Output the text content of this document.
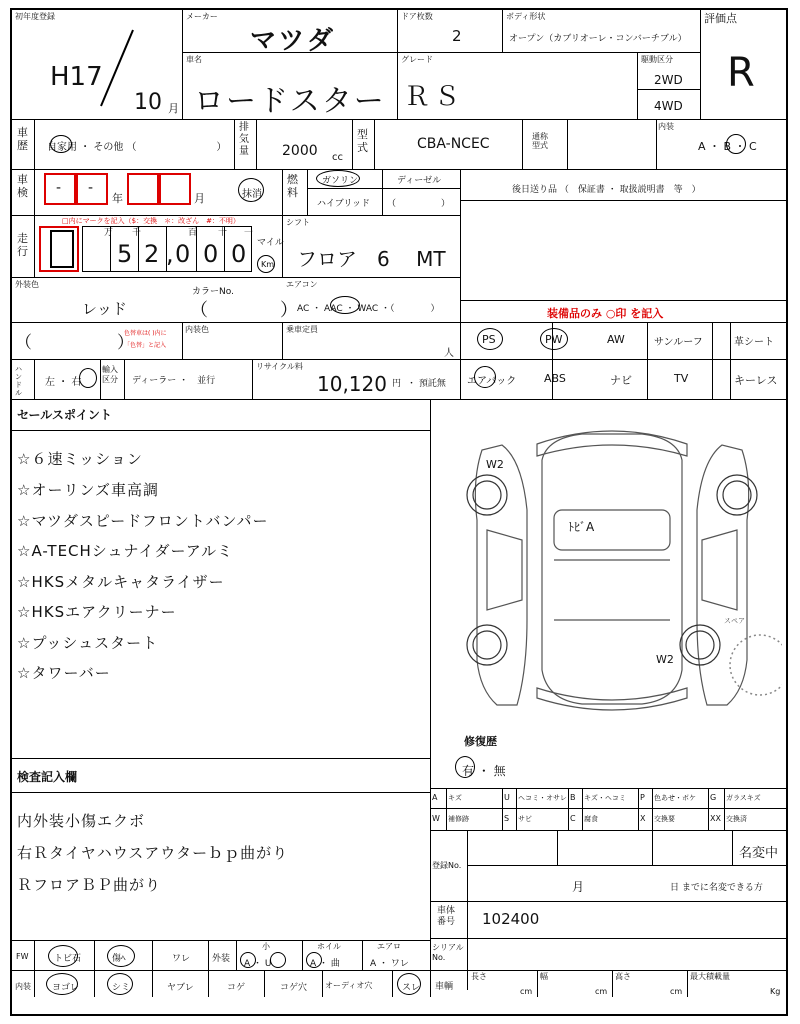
初年度登録
H17
10 月
メーカー
マツダ
車名
ロードスター
ドア枚数
2
ボディ形状
オープン（カブリオーレ・コンバーチブル）
グレード
ＲＳ
駆動区分
2WD
4WD
評価点
R
車
歴 自家用 ・ その他 （　　　　　　　　）
排
気
量 2000 cc
型
式	CBA-NCEC	通称
型式
内装
A ・ B ・ C
車
検 - -
年	月	抹消
燃
料
ガソリン	ディーゼル
ハイブリッド （　　　　　）
後日送り品 （　保証書 ・ 取扱説明書　等　）
走
行
□内にマークを記入（$：交換　＊：改ざん　#：不明）
万 千	百 十 一
5 2 , 0 0 0 マイル
Km
シフト
フロア　6　 MT
外装色
レッド
カラーNo.
（　　　　）
エアコン
AC ・ AAC ・ WAC ・（　　　　）	装備品のみ ○印 を記入
（　　　　　）
色替車は( )内に
「色替」と記入
内装色	乗車定員
人
PS	PW	AW	サンルーフ	革シート
エアバック	ABS	ナビ	TV	キーレス
ハンドル
左 ・ 右
輸入
区分 ディーラー ・　並行
リサイクル料
10,120 円 ・ 預託無
セールスポイント
☆６速ミッション
☆オーリンズ車高調
☆マツダスピードフロントバンパー
☆A-TECHシュナイダーアルミ
☆HKSメタルキャタライザー
☆HKSエアクリーナー
☆プッシュスタート
☆タワーバー
W2
ﾄﾋﾞA
W2
スペア
修復歴
有 ・ 無
A キズ	U ヘコミ・オサレ B キズ・ヘコミ P 色あせ・ボケ G ガラスキズ
W 補修跡	S サビ	C 腐食	X 交換要	XX 交換済
検査記入欄
内外装小傷エクボ
右Ｒタイヤハウスアウターｂｐ曲がり
ＲフロアＢＰ曲がり
登録No.
名変中
月	日 までに名変できる方
車体
番号 102400
シリアル
No.
車輌
長さ
cm
幅
cm
高さ
cm
最大積載量
Kg
FW	トビ石	傷ﾍ	ワレ 外装
小	ホイル	エアロ
A ・ U	A ・ 曲	A ・ ワレ
内装 ヨゴレ	シミ	ヤブレ	コゲ	コゲ穴 オーディオ穴	スレ
